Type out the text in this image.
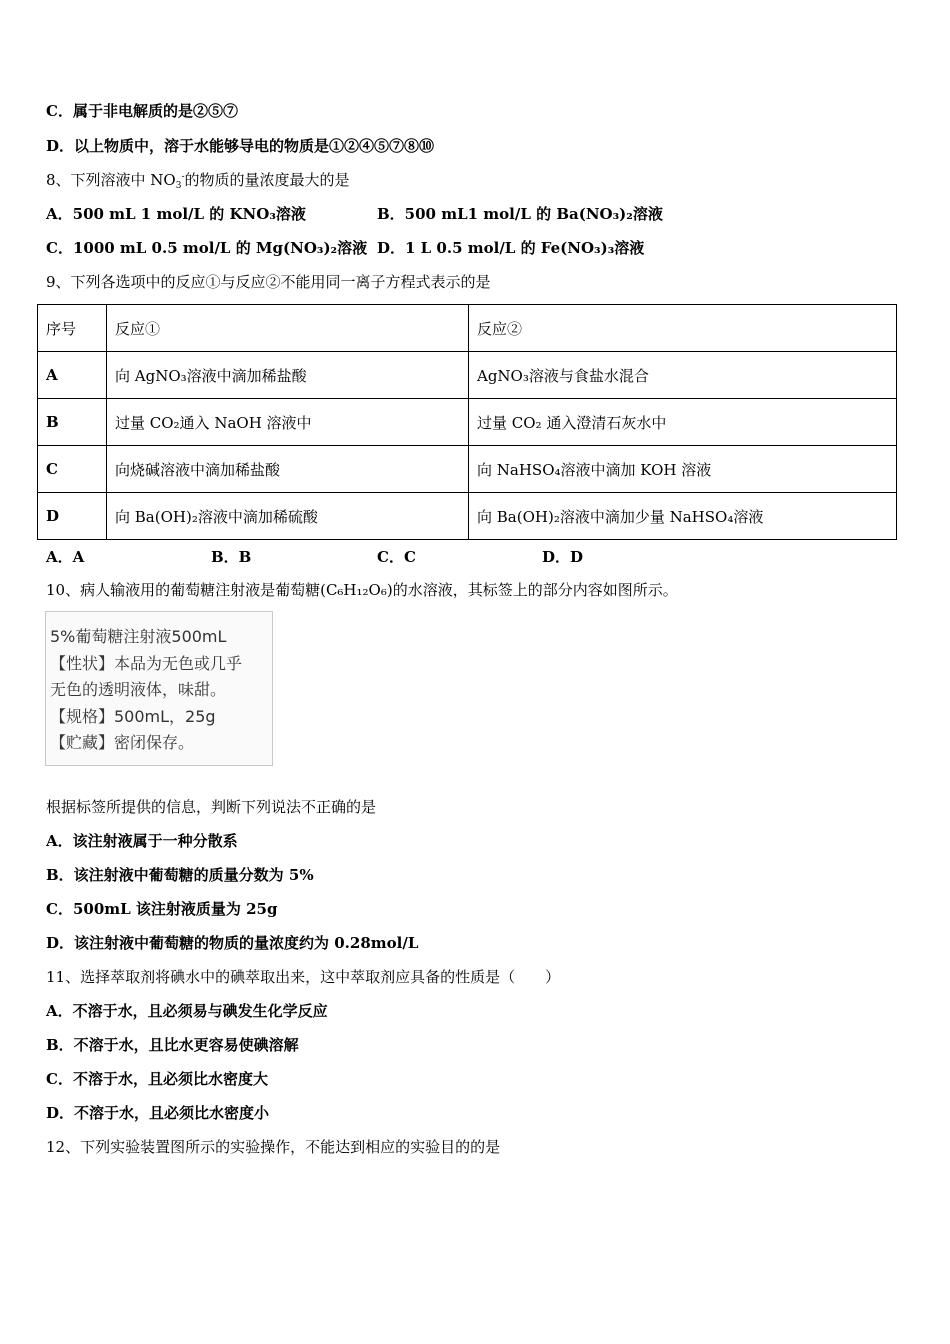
C．属于非电解质的是②⑤⑦
D．以上物质中，溶于水能够导电的物质是①②④⑤⑦⑧⑩
8、下列溶液中 $NO_3^-$的物质的量浓度最大的是
A．500 mL 1 mol/L 的 KNO₃溶液	B．500 mL1 mol/L 的 Ba(NO₃)₂溶液
C．1000 mL 0.5 mol/L 的 Mg(NO₃)₂溶液 D．1 L 0.5 mol/L 的 Fe(NO₃)₃溶液
9、下列各选项中的反应①与反应②不能用同一离子方程式表示的是
序号	反应①	反应②
A	向 AgNO₃溶液中滴加稀盐酸	AgNO₃溶液与食盐水混合
B	过量 CO₂通入 NaOH 溶液中	过量 CO₂ 通入澄清石灰水中
C	向烧碱溶液中滴加稀盐酸	向 NaHSO₄溶液中滴加 KOH 溶液
D	向 Ba(OH)₂溶液中滴加稀硫酸	向 Ba(OH)₂溶液中滴加少量 NaHSO₄溶液
A．A	B．B	C．C	D．D
10、病人输液用的葡萄糖注射液是葡萄糖(C₆H₁₂O₆)的水溶液，其标签上的部分内容如图所示。
5%葡萄糖注射液500mL
【性状】本品为无色或几乎
无色的透明液体，味甜。
【规格】500mL，25g
【贮藏】密闭保存。
根据标签所提供的信息，判断下列说法不正确的是
A．该注射液属于一种分散系
B．该注射液中葡萄糖的质量分数为 5%
C．500mL 该注射液质量为 25g
D．该注射液中葡萄糖的物质的量浓度约为 0.28mol/L
11、选择萃取剂将碘水中的碘萃取出来，这中萃取剂应具备的性质是（　　）
A．不溶于水，且必须易与碘发生化学反应
B．不溶于水，且比水更容易使碘溶解
C．不溶于水，且必须比水密度大
D．不溶于水，且必须比水密度小
12、下列实验装置图所示的实验操作，不能达到相应的实验目的的是
